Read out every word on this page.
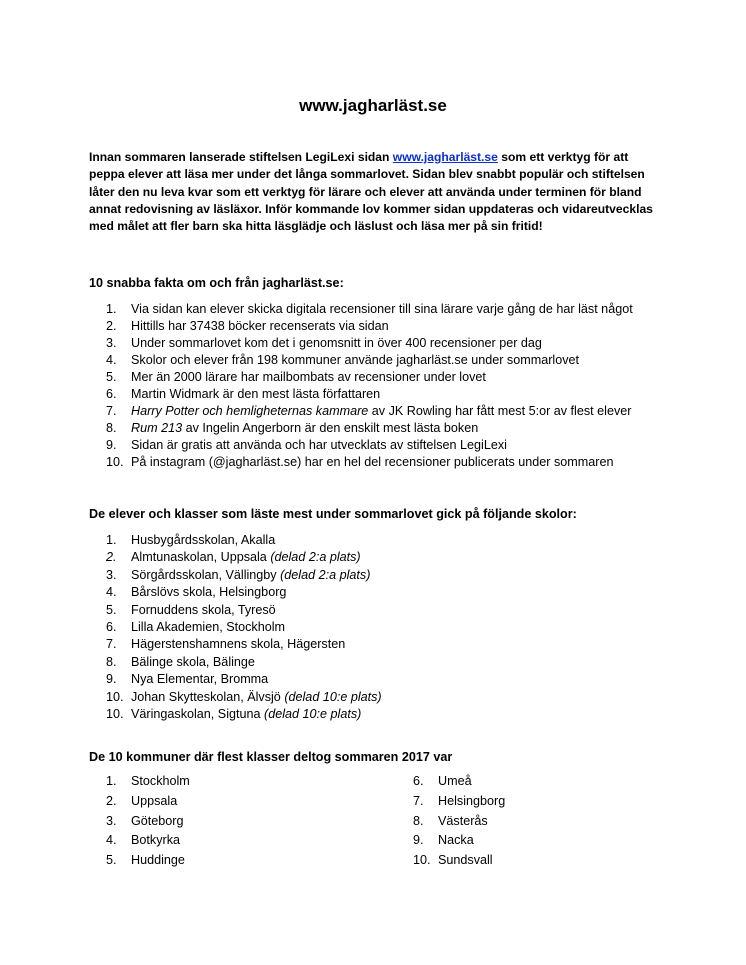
www.jagharläst.se
Innan sommaren lanserade stiftelsen LegiLexi sidan www.jagharläst.se som ett verktyg för att peppa elever att läsa mer under det långa sommarlovet. Sidan blev snabbt populär och stiftelsen låter den nu leva kvar som ett verktyg för lärare och elever att använda under terminen för bland annat redovisning av läsläxor. Inför kommande lov kommer sidan uppdateras och vidareutvecklas med målet att fler barn ska hitta läsglädje och läslust och läsa mer på sin fritid!
10 snabba fakta om och från jagharläst.se:
1. Via sidan kan elever skicka digitala recensioner till sina lärare varje gång de har läst något
2. Hittills har 37438 böcker recenserats via sidan
3. Under sommarlovet kom det i genomsnitt in över 400 recensioner per dag
4. Skolor och elever från 198 kommuner använde jagharläst.se under sommarlovet
5. Mer än 2000 lärare har mailbombats av recensioner under lovet
6. Martin Widmark är den mest lästa författaren
7. Harry Potter och hemligheternas kammare av JK Rowling har fått mest 5:or av flest elever
8. Rum 213 av Ingelin Angerborn är den enskilt mest lästa boken
9. Sidan är gratis att använda och har utvecklats av stiftelsen LegiLexi
10. På instagram (@jagharläst.se) har en hel del recensioner publicerats under sommaren
De elever och klasser som läste mest under sommarlovet gick på följande skolor:
1. Husbygårdsskolan, Akalla
2. Almtunaskolan, Uppsala (delad 2:a plats)
3. Sörgårdsskolan, Vällingby (delad 2:a plats)
4. Bårslövs skola, Helsingborg
5. Fornuddens skola, Tyresö
6. Lilla Akademien, Stockholm
7. Hägerstenshamnens skola, Hägersten
8. Bälinge skola, Bälinge
9. Nya Elementar, Bromma
10. Johan Skytteskolan, Älvsjö (delad 10:e plats)
10. Väringaskolan, Sigtuna (delad 10:e plats)
De 10 kommuner där flest klasser deltog sommaren 2017 var
1. Stockholm
2. Uppsala
3. Göteborg
4. Botkyrka
5. Huddinge
6. Umeå
7. Helsingborg
8. Västerås
9. Nacka
10. Sundsvall
